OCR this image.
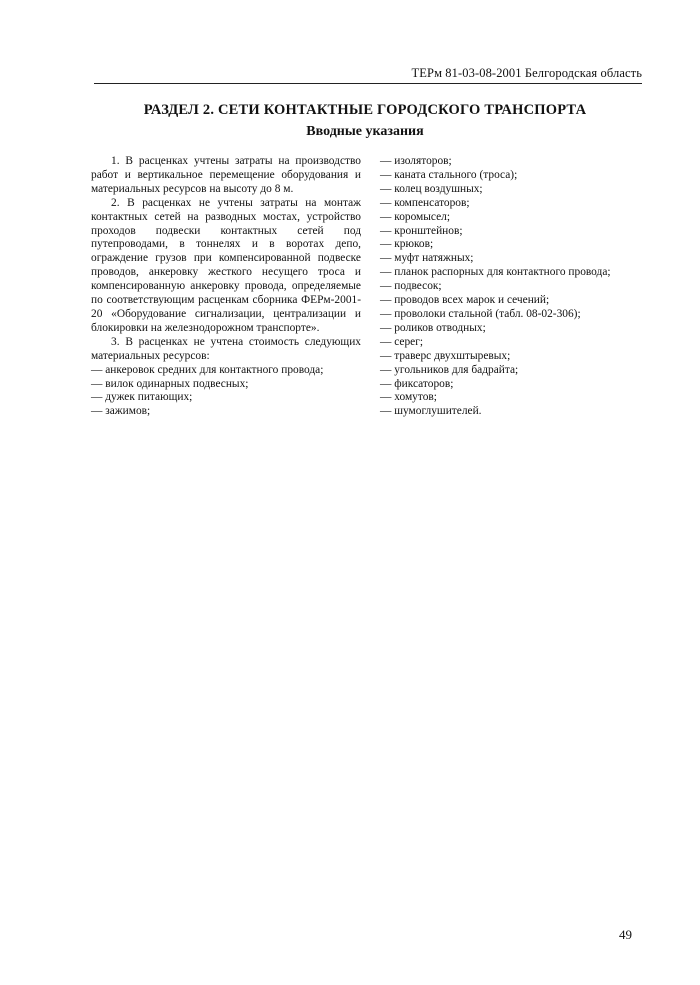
ТЕРм 81-03-08-2001 Белгородская область
РАЗДЕЛ 2. СЕТИ КОНТАКТНЫЕ ГОРОДСКОГО ТРАНСПОРТА
Вводные указания

1. В расценках учтены затраты на производство работ и вертикальное перемещение оборудования и материальных ресурсов на высоту до 8 м.

2. В расценках не учтены затраты на монтаж контактных сетей на разводных мостах, устройство проходов подвески контактных сетей под путепроводами, в тоннелях и в воротах депо, ограждение грузов при компенсированной подвеске проводов, анкеровку жесткого несущего троса и компенсированную анкеровку провода, определяемые по соответствующим расценкам сборника ФЕРм-2001-20 «Оборудование сигнализации, централизации и блокировки на железнодорожном транспорте».

3. В расценках не учтена стоимость следующих материальных ресурсов:

— анкеровок средних для контактного провода;
— вилок одинарных подвесных;
— дужек питающих;
— зажимов;
— изоляторов;
— каната стального (троса);
— колец воздушных;
— компенсаторов;
— коромысел;
— кронштейнов;
— крюков;
— муфт натяжных;
— планок распорных для контактного провода;
— подвесок;
— проводов всех марок и сечений;
— проволоки стальной (табл. 08-02-306);
— роликов отводных;
— серег;
— траверс двухштыревых;
— угольников для бадрайта;
— фиксаторов;
— хомутов;
— шумоглушителей.
49
